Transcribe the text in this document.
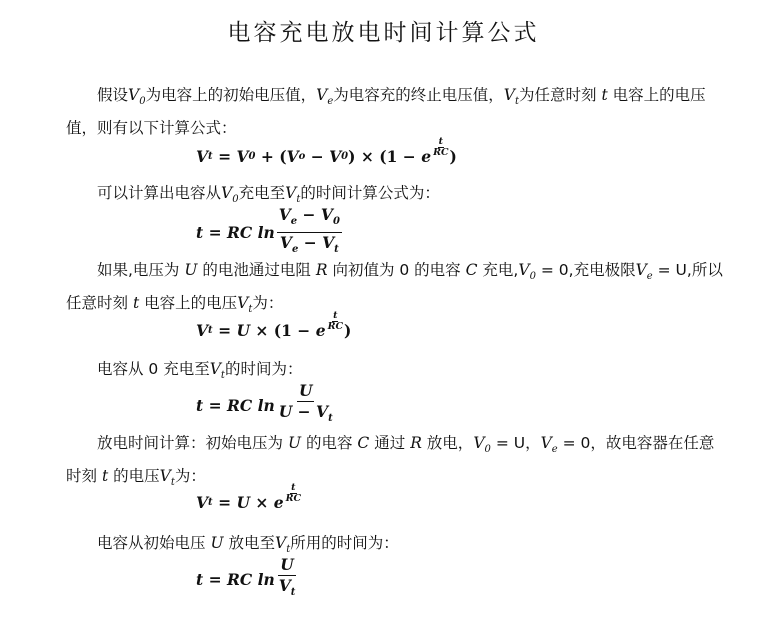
电容充电放电时间计算公式
假设$V_0$为电容上的初始电压值，$V_e$为电容充的终止电压值，$V_t$为任意时刻 t 电容上的电压值，则有以下计算公式：
V t
= V 0
+
( V o
− V 0 )
×
(1 − e $\frac{t}{RC}$ )
可以计算出电容从$V_0$充电至$V_t$的时间计算公式为：
t = RC $\ln \frac{V_e - V_0}{V_e - V_t}$
如果,电压为 U 的电池通过电阻 R 向初值为 0 的电容 C 充电$,V_0 = 0$,充电极限$V_e = U$,所以任意时刻 t 电容上的电压$V_t$为：
V t
= U ×
(1 − e $\frac{t}{RC}$ )
电容从 0 充电至$V_t$的时间为：
t = RC $\ln \frac{U}{U - V_t}$
放电时间计算：初始电压为 U 的电容 C 通过 R 放电，$V_0 = U$，$V_e = 0$，故电容器在任意时刻 t 的电压$V_t$为：
V t
= U × e $\frac{t}{RC}$
电容从初始电压 U 放电至$V_t$所用的时间为：
t = RC $\ln \frac{U}{V_t}$
